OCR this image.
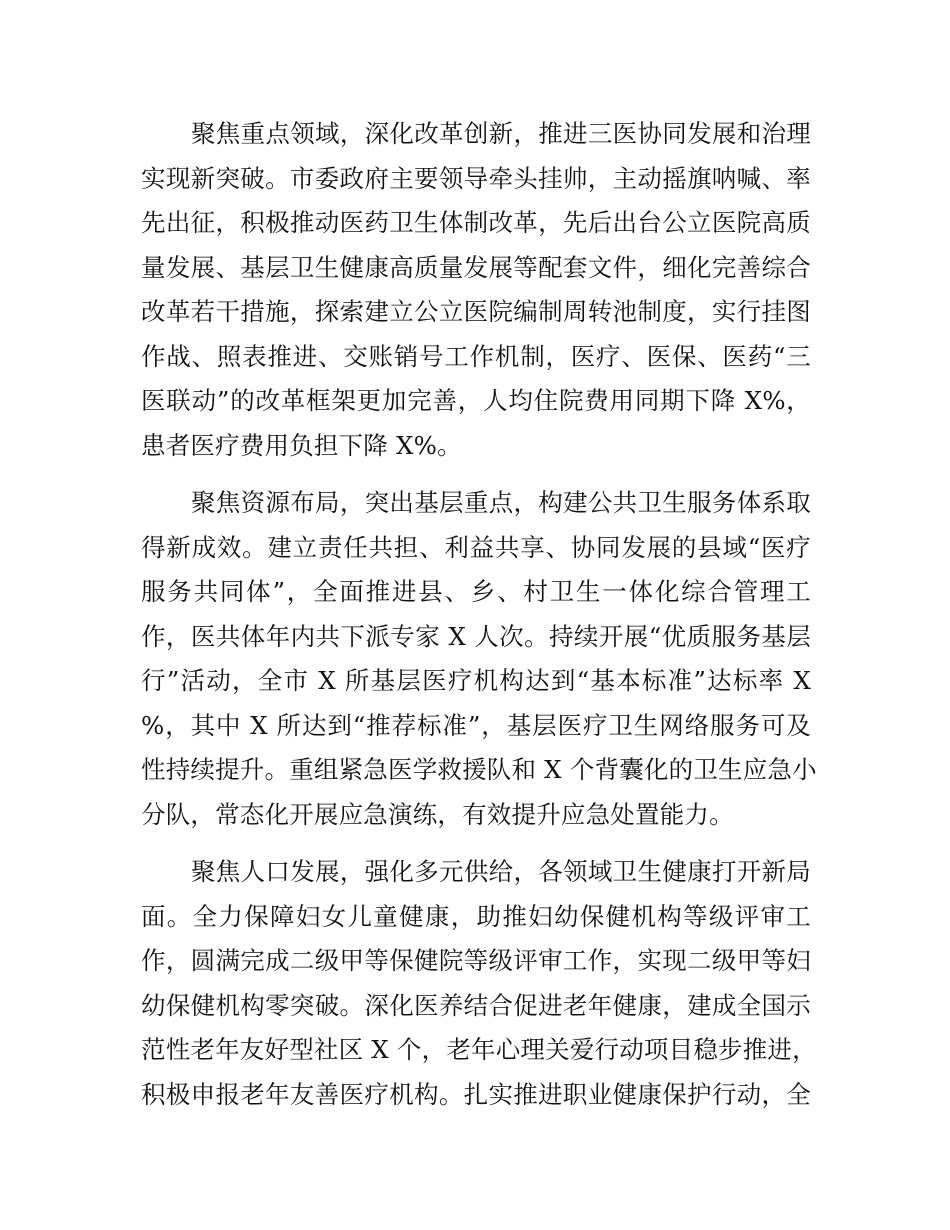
聚焦重点领域，深化改革创新，推进三医协同发展和治理
实现新突破。市委政府主要领导牵头挂帅，主动摇旗呐喊、率
先出征，积极推动医药卫生体制改革，先后出台公立医院高质
量发展、基层卫生健康高质量发展等配套文件，细化完善综合
改革若干措施，探索建立公立医院编制周转池制度，实行挂图
作战、照表推进、交账销号工作机制，医疗、医保、医药“三
医联动”的改革框架更加完善，人均住院费用同期下降 X%，
患者医疗费用负担下降 X%。
聚焦资源布局，突出基层重点，构建公共卫生服务体系取
得新成效。建立责任共担、利益共享、协同发展的县域“医疗
服务共同体”，全面推进县、乡、村卫生一体化综合管理工
作，医共体年内共下派专家 X 人次。持续开展“优质服务基层
行”活动，全市 X 所基层医疗机构达到“基本标准”达标率 X
%，其中 X 所达到“推荐标准”，基层医疗卫生网络服务可及
性持续提升。重组紧急医学救援队和 X 个背囊化的卫生应急小
分队，常态化开展应急演练，有效提升应急处置能力。
聚焦人口发展，强化多元供给，各领域卫生健康打开新局
面。全力保障妇女儿童健康，助推妇幼保健机构等级评审工
作，圆满完成二级甲等保健院等级评审工作，实现二级甲等妇
幼保健机构零突破。深化医养结合促进老年健康，建成全国示
范性老年友好型社区 X 个，老年心理关爱行动项目稳步推进，
积极申报老年友善医疗机构。扎实推进职业健康保护行动，全
